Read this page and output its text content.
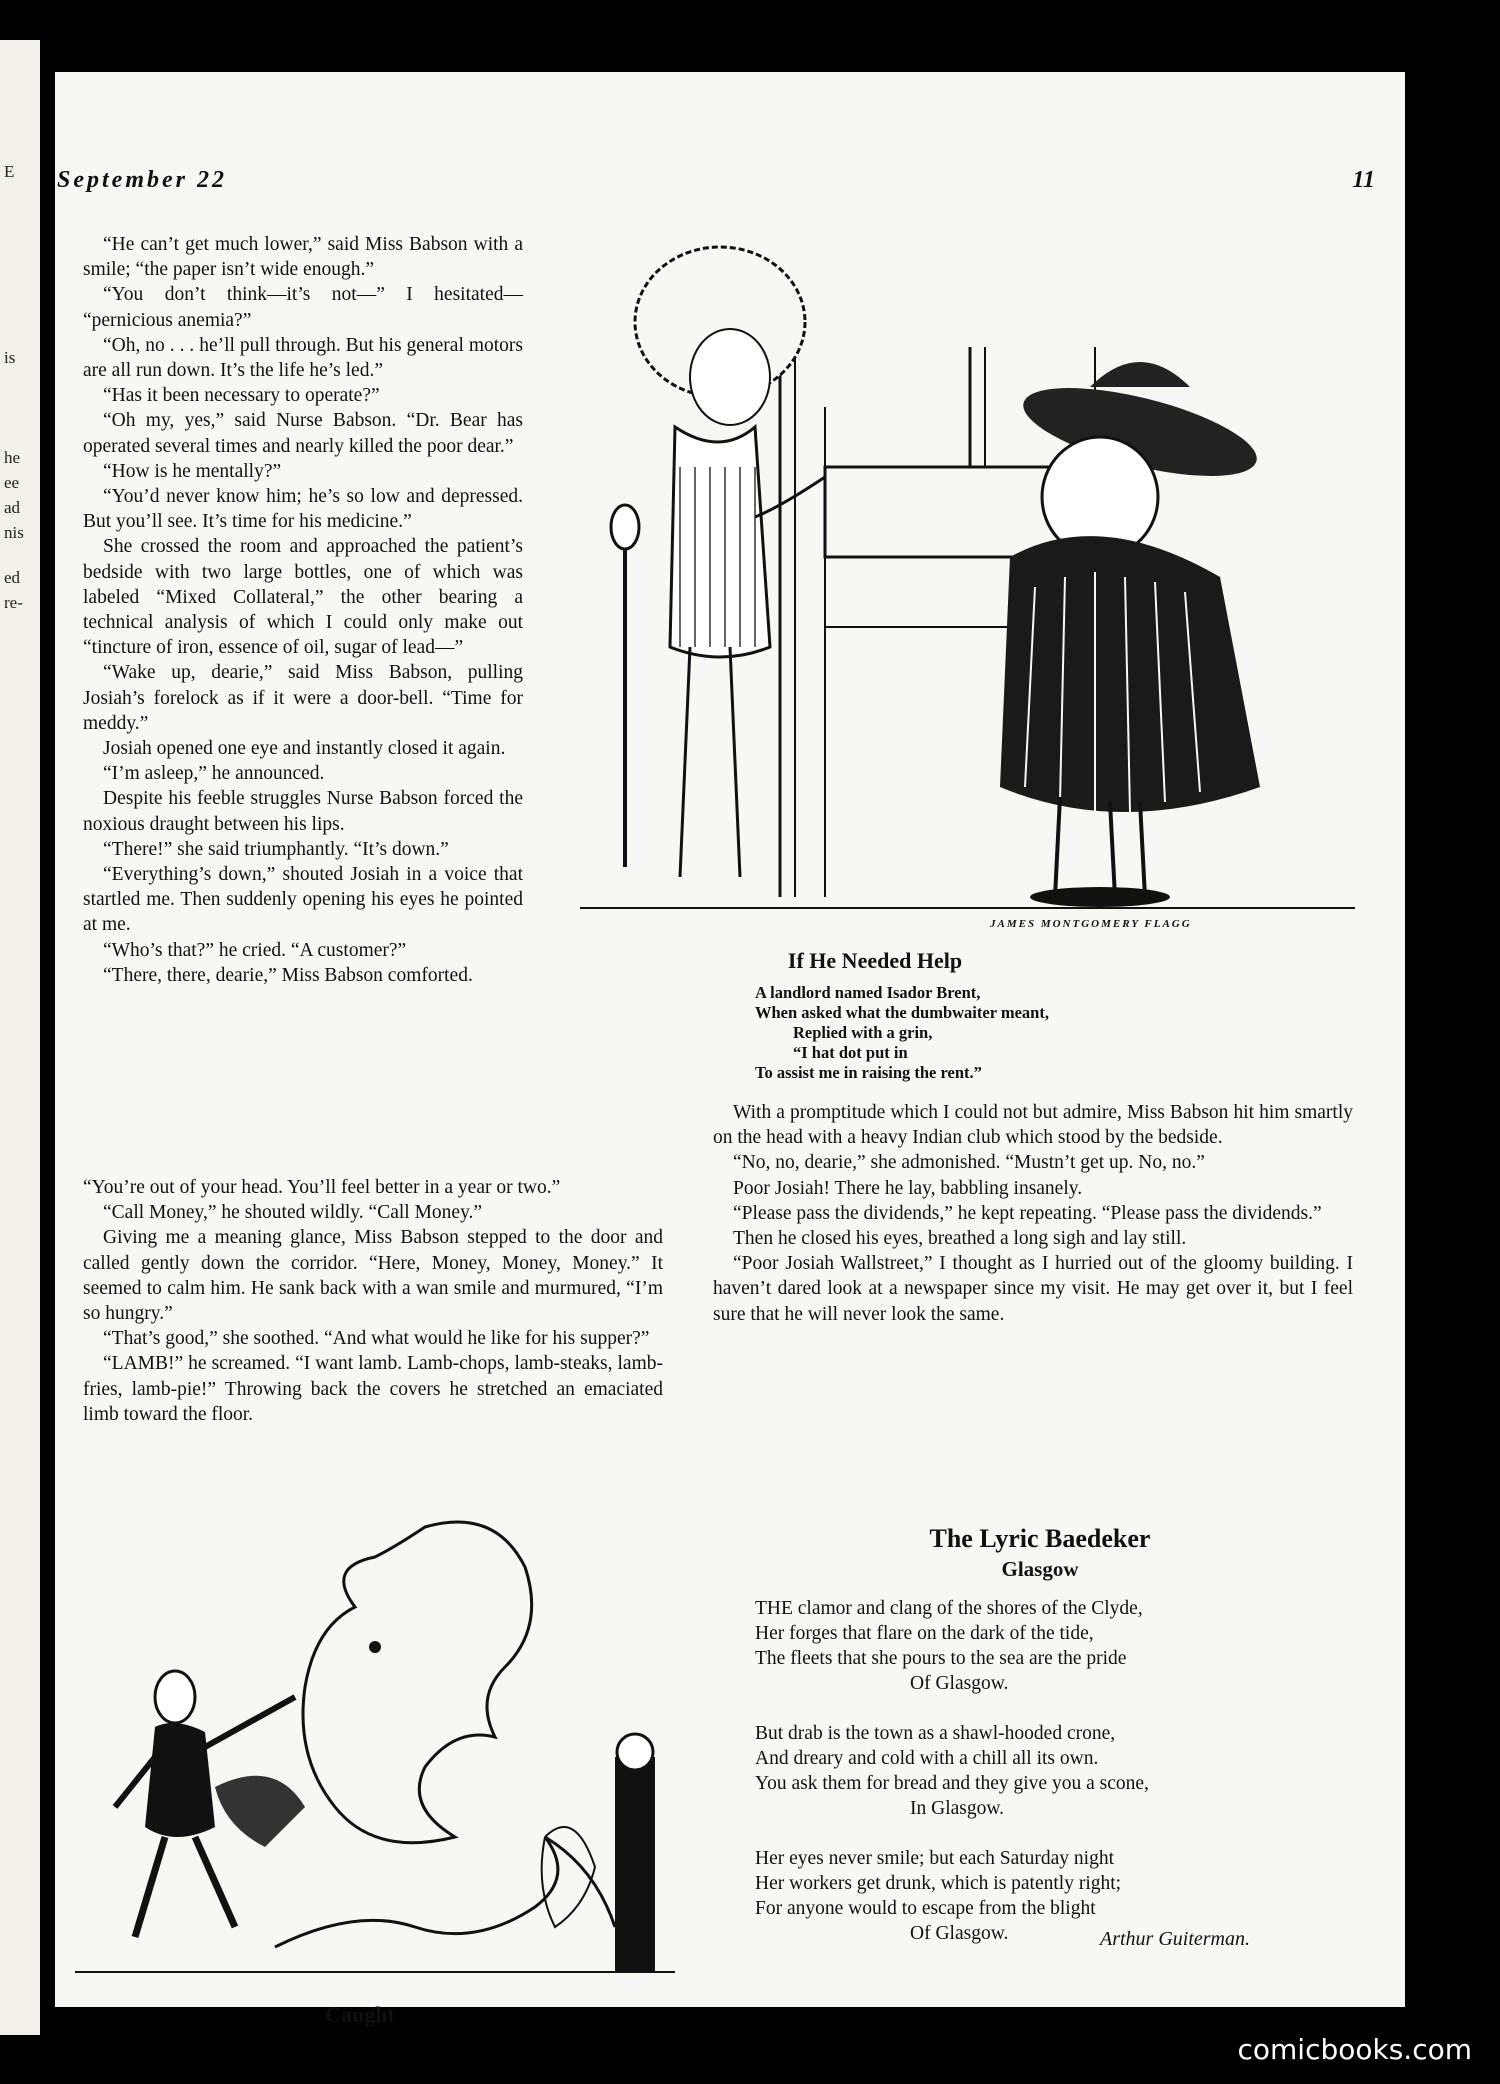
E
is
he
ee
ad
nis
ed
re-
September 22	11

“He can’t get much lower,” said Miss Babson with a smile; “the paper isn’t wide enough.”

“You don’t think—it’s not—” I hesitated— “pernicious anemia?”

“Oh, no . . . he’ll pull through. But his general motors are all run down. It’s the life he’s led.”

“Has it been necessary to operate?”

“Oh my, yes,” said Nurse Babson. “Dr. Bear has operated several times and nearly killed the poor dear.”

“How is he mentally?”

“You’d never know him; he’s so low and depressed. But you’ll see. It’s time for his medicine.”

She crossed the room and approached the patient’s bedside with two large bottles, one of which was labeled “Mixed Collateral,” the other bearing a technical analysis of which I could only make out “tincture of iron, essence of oil, sugar of lead—”

“Wake up, dearie,” said Miss Babson, pulling Josiah’s forelock as if it were a door-bell. “Time for meddy.”

Josiah opened one eye and instantly closed it again.

“I’m asleep,” he announced.

Despite his feeble struggles Nurse Babson forced the noxious draught between his lips.

“There!” she said triumphantly. “It’s down.”

“Everything’s down,” shouted Josiah in a voice that startled me. Then suddenly opening his eyes he pointed at me.

“Who’s that?” he cried. “A customer?”

“There, there, dearie,” Miss Babson comforted.

“You’re out of your head. You’ll feel better in a year or two.”

“Call Money,” he shouted wildly. “Call Money.”

Giving me a meaning glance, Miss Babson stepped to the door and called gently down the corridor. “Here, Money, Money, Money.” It seemed to calm him. He sank back with a wan smile and murmured, “I’m so hungry.”

“That’s good,” she soothed. “And what would he like for his supper?”

“LAMB!” he screamed. “I want lamb. Lamb-chops, lamb-steaks, lamb-fries, lamb-pie!” Throwing back the covers he stretched an emaciated limb toward the floor.

JAMES MONTGOMERY FLAGG
If He Needed Help
A landlord named Isador Brent,
When asked what the dumbwaiter meant,
Replied with a grin,
“I hat dot put in
To assist me in raising the rent.”

With a promptitude which I could not but admire, Miss Babson hit him smartly on the head with a heavy Indian club which stood by the bedside.

“No, no, dearie,” she admonished. “Mustn’t get up. No, no.”

Poor Josiah! There he lay, babbling insanely.

“Please pass the dividends,” he kept repeating. “Please pass the dividends.”

Then he closed his eyes, breathed a long sigh and lay still.

“Poor Josiah Wallstreet,” I thought as I hurried out of the gloomy building. I haven’t dared look at a newspaper since my visit. He may get over it, but I feel sure that he will never look the same.

Caught
The Lyric Baedeker
Glasgow
THE clamor and clang of the shores of the Clyde,
Her forges that flare on the dark of the tide,
The fleets that she pours to the sea are the pride
Of Glasgow.
But drab is the town as a shawl-hooded crone,
And dreary and cold with a chill all its own.
You ask them for bread and they give you a scone,
In Glasgow.
Her eyes never smile; but each Saturday night
Her workers get drunk, which is patently right;
For anyone would to escape from the blight
Of Glasgow.	Arthur Guiterman.
comicbooks.com
